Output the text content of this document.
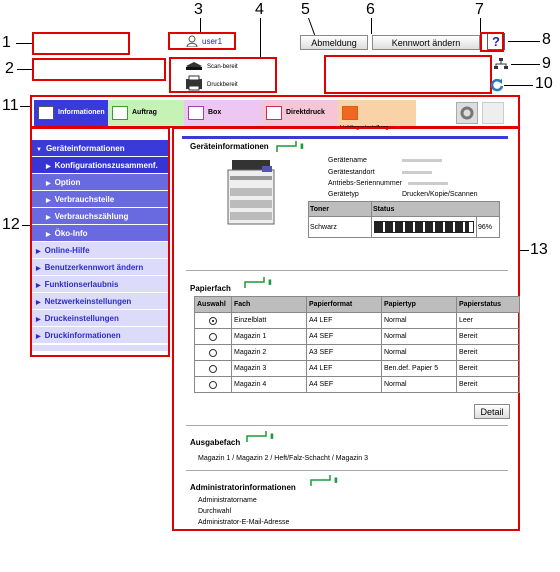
1
2
3	4 5	6	7
8
9
10
11
12
13
user1	Abmeldung	Kennwort ändern	?
Scan-bereit
Druckbereit
Informationen	Auftrag	Box	Direktdruck
Lieblingseinstellung
▼ Geräteinformationen
▶ Konfigurationszusammenf.
▶ Option
▶ Verbrauchsteile
▶ Verbrauchszählung
▶ Öko-Info
▶ Online-Hilfe
▶ Benutzerkennwort ändern
▶ Funktionserlaubnis
▶ Netzwerkeinstellungen
▶ Druckeinstellungen
▶ Druckinformationen
Geräteinformationen	▮
Gerätename
Gerätestandort
Antriebs-Seriennummer
Gerätetyp	Drucken/Kopie/Scannen
Toner	Status	
Schwarz		96%
Papierfach
▮
Auswahl	Fach	Papierformat	Papiertyp	Papierstatus

	Einzelblatt	A4 LEF	Normal	Leer
	Magazin 1	A4 SEF	Normal	Bereit
	Magazin 2	A3 SEF	Normal	Bereit
	Magazin 3	A4 LEF	Ben.def. Papier 5	Bereit
	Magazin 4	A4 SEF	Normal	Bereit
Detail
Ausgabefach
▮
Magazin 1 / Magazin 2 / Heft/Falz-Schacht / Magazin 3
Administratorinformationen
▮
Administratorname
Durchwahl
Administrator-E-Mail-Adresse
